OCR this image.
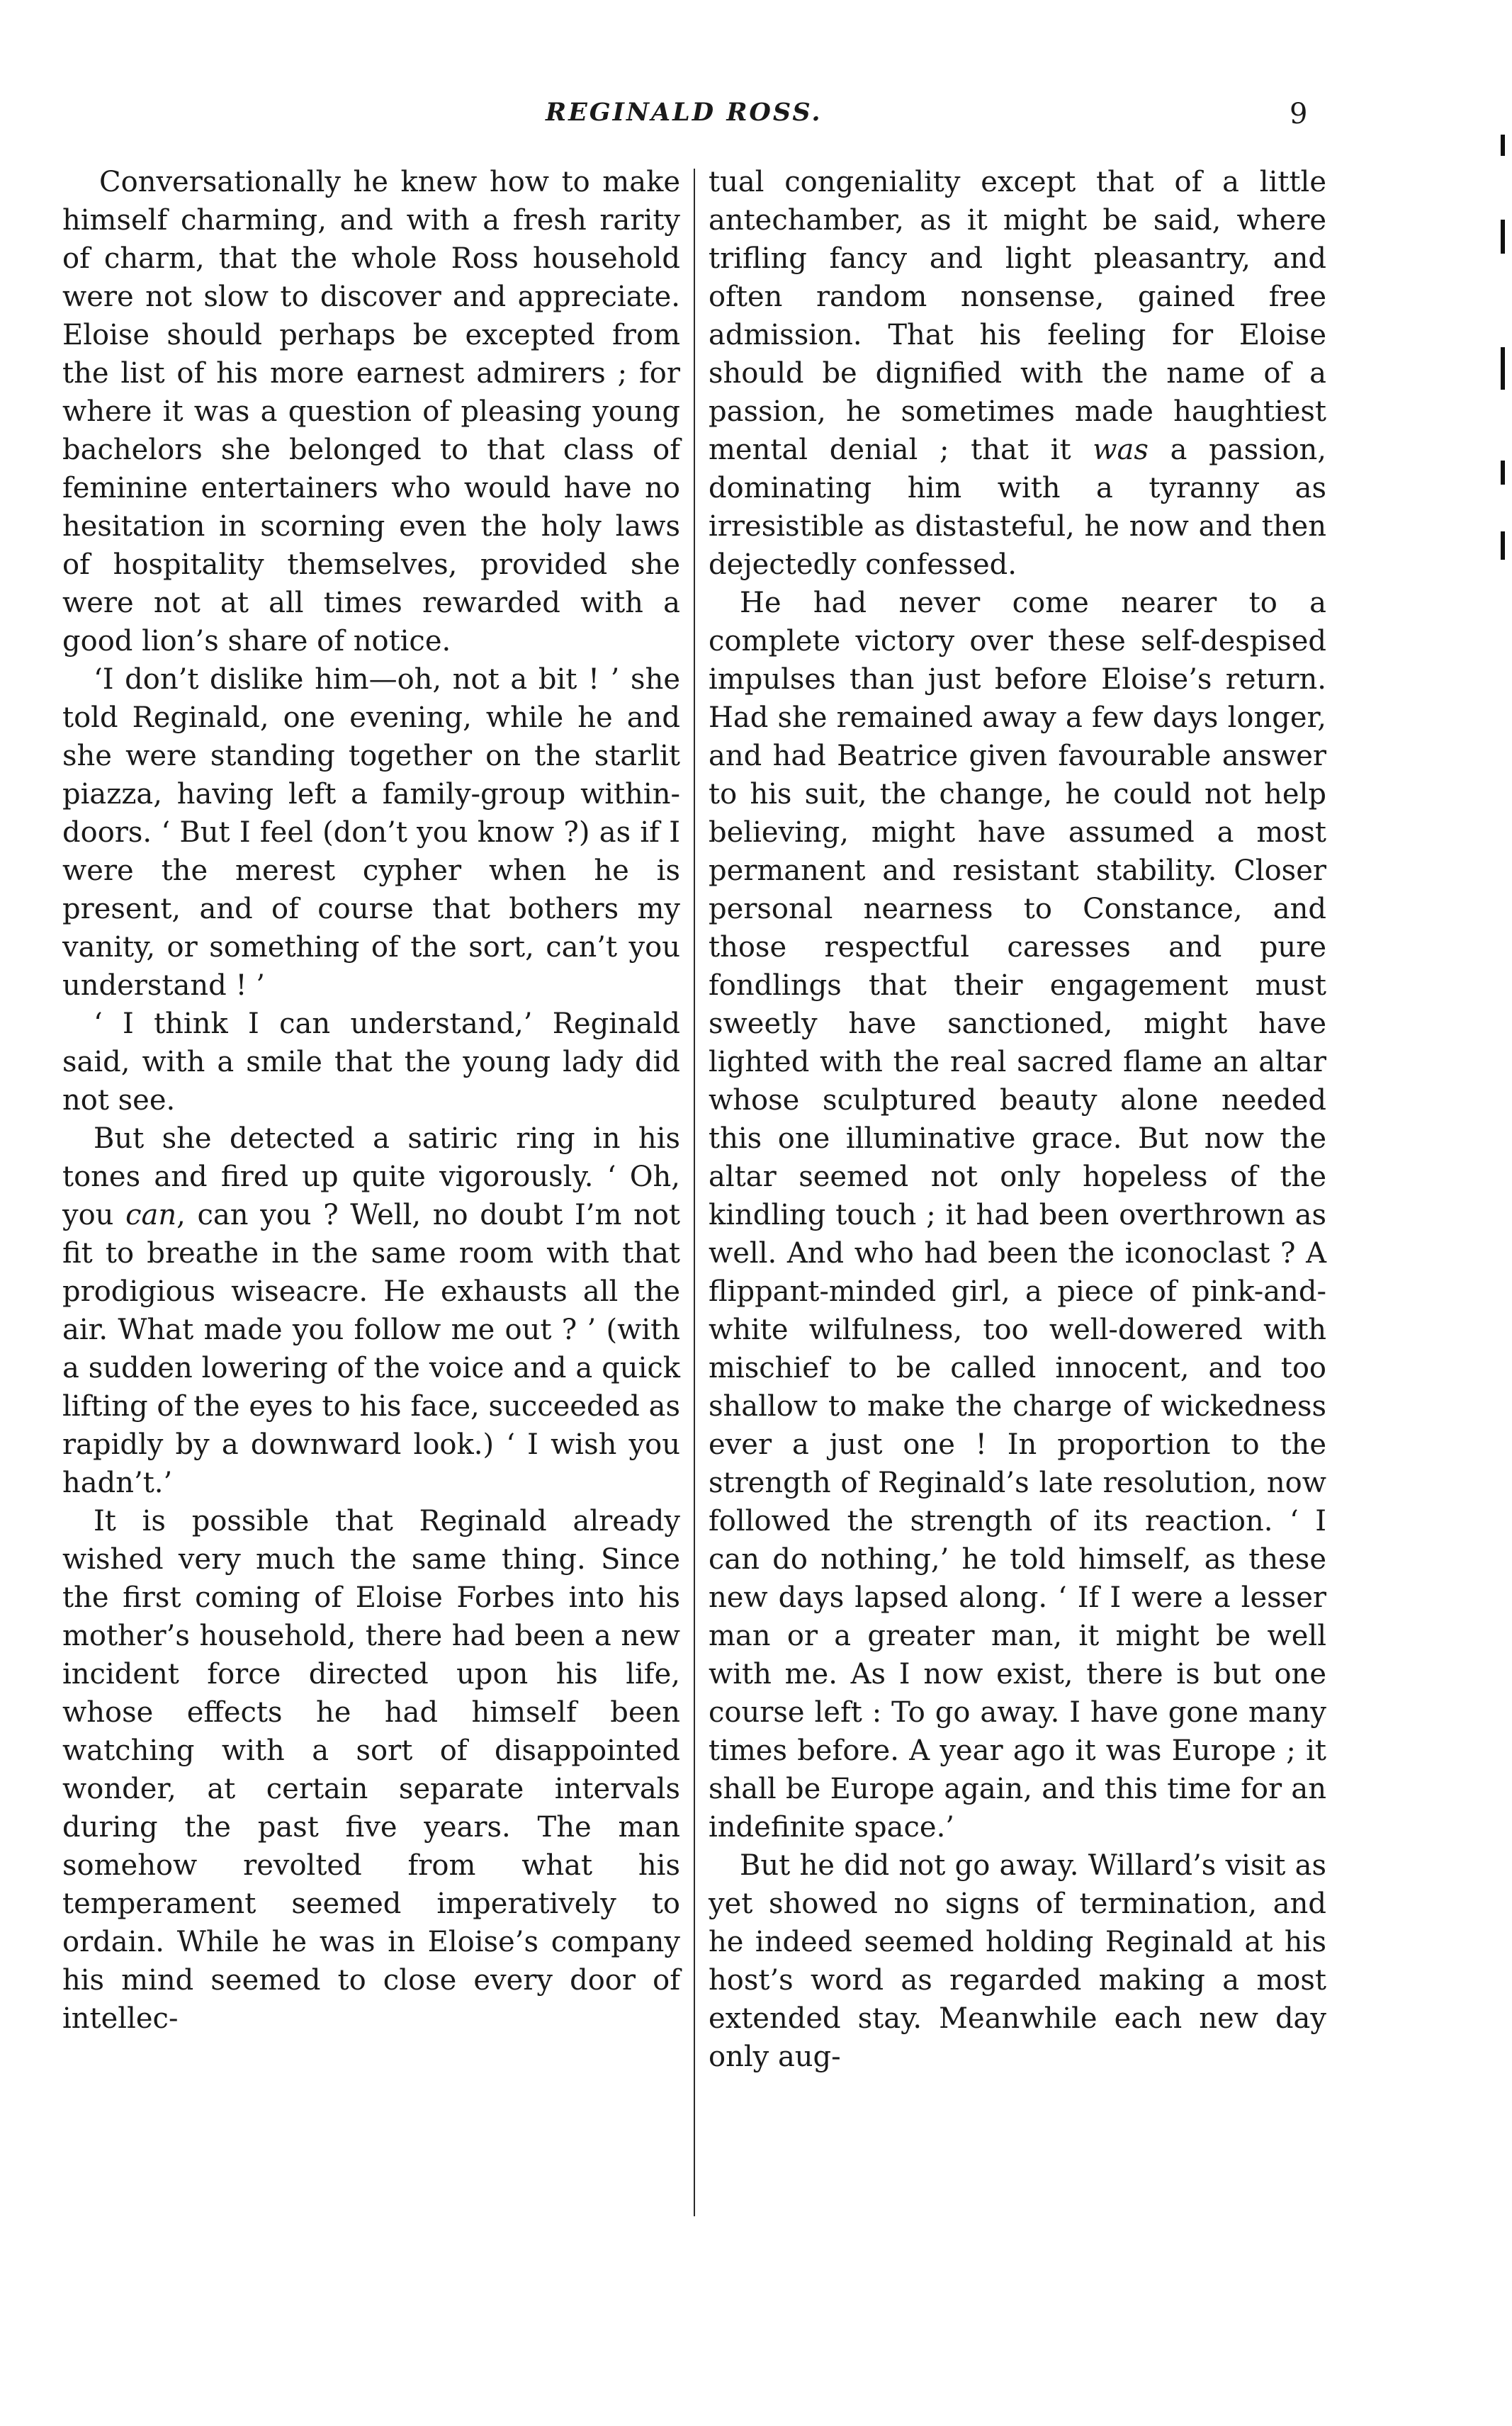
REGINALD ROSS.	9

Conversationally he knew how to make himself charming, and with a fresh rarity of charm, that the whole Ross household were not slow to discover and appreciate. Eloise should perhaps be excepted from the list of his more earnest admirers ; for where it was a question of pleasing young bachelors she belonged to that class of feminine entertainers who would have no hesitation in scorning even the holy laws of hospitality themselves, provided she were not at all times rewarded with a good lion’s share of notice.

‘I don’t dislike him—oh, not a bit ! ’ she told Reginald, one evening, while he and she were standing together on the starlit piazza, having left a family-group within-doors. ‘ But I feel (don’t you know ?) as if I were the merest cypher when he is present, and of course that bothers my vanity, or something of the sort, can’t you understand ! ’

‘ I think I can understand,’ Reginald said, with a smile that the young lady did not see.

But she detected a satiric ring in his tones and fired up quite vigorously. ‘ Oh, you can, can you ? Well, no doubt I’m not fit to breathe in the same room with that prodigious wiseacre. He exhausts all the air. What made you follow me out ? ’ (with a sudden lowering of the voice and a quick lifting of the eyes to his face, succeeded as rapidly by a downward look.) ‘ I wish you hadn’t.’

It is possible that Reginald already wished very much the same thing. Since the first coming of Eloise Forbes into his mother’s household, there had been a new incident force directed upon his life, whose effects he had himself been watching with a sort of disappointed wonder, at certain separate intervals during the past five years. The man somehow revolted from what his temperament seemed imperatively to ordain. While he was in Eloise’s company his mind seemed to close every door of intellec-

tual congeniality except that of a little antechamber, as it might be said, where trifling fancy and light pleasantry, and often random nonsense, gained free admission. That his feeling for Eloise should be dignified with the name of a passion, he sometimes made haughtiest mental denial ; that it was a passion, dominating him with a tyranny as irresistible as distasteful, he now and then dejectedly confessed.

He had never come nearer to a complete victory over these self-despised impulses than just before Eloise’s return. Had she remained away a few days longer, and had Beatrice given favourable answer to his suit, the change, he could not help believing, might have assumed a most permanent and resistant stability. Closer personal nearness to Constance, and those respectful caresses and pure fondlings that their engagement must sweetly have sanctioned, might have lighted with the real sacred flame an altar whose sculptured beauty alone needed this one illuminative grace. But now the altar seemed not only hopeless of the kindling touch ; it had been overthrown as well. And who had been the iconoclast ? A flippant-minded girl, a piece of pink-and-white wilfulness, too well-dowered with mischief to be called innocent, and too shallow to make the charge of wickedness ever a just one ! In proportion to the strength of Reginald’s late resolution, now followed the strength of its reaction. ‘ I can do nothing,’ he told himself, as these new days lapsed along. ‘ If I were a lesser man or a greater man, it might be well with me. As I now exist, there is but one course left : To go away. I have gone many times before. A year ago it was Europe ; it shall be Europe again, and this time for an indefinite space.’

But he did not go away. Willard’s visit as yet showed no signs of termination, and he indeed seemed holding Reginald at his host’s word as regarded making a most extended stay. Meanwhile each new day only aug-
